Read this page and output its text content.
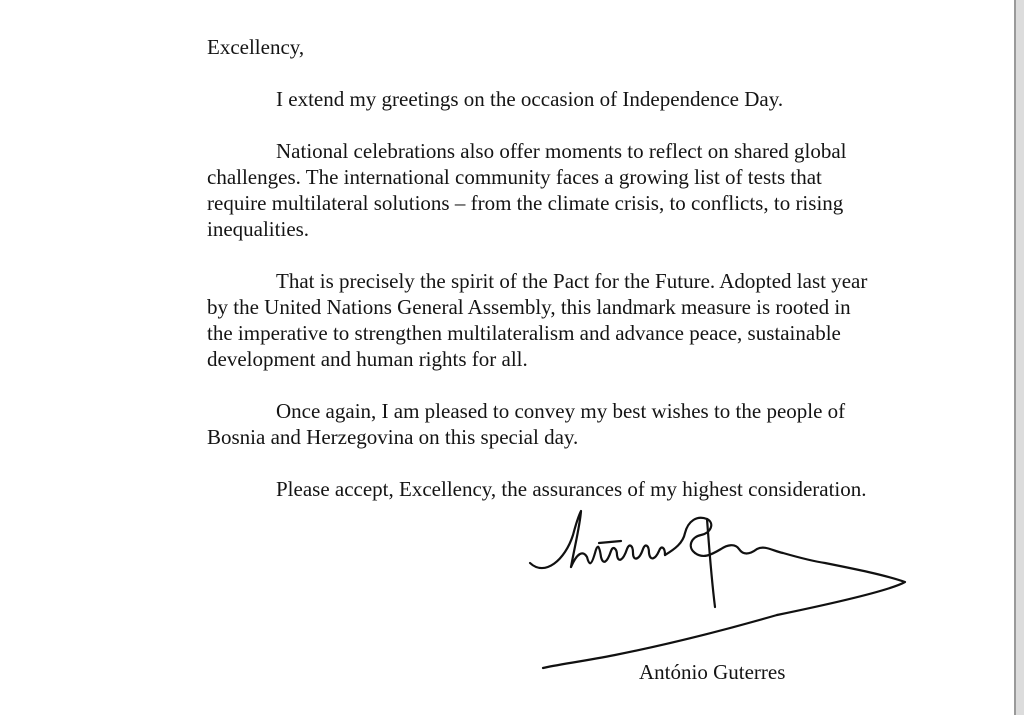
Excellency,

I extend my greetings on the occasion of Independence Day.

National celebrations also offer moments to reflect on shared global

challenges. The international community faces a growing list of tests that

require multilateral solutions – from the climate crisis, to conflicts, to rising

inequalities.

That is precisely the spirit of the Pact for the Future. Adopted last year

by the United Nations General Assembly, this landmark measure is rooted in

the imperative to strengthen multilateralism and advance peace, sustainable

development and human rights for all.

Once again, I am pleased to convey my best wishes to the people of

Bosnia and Herzegovina on this special day.

Please accept, Excellency, the assurances of my highest consideration.

António Guterres
